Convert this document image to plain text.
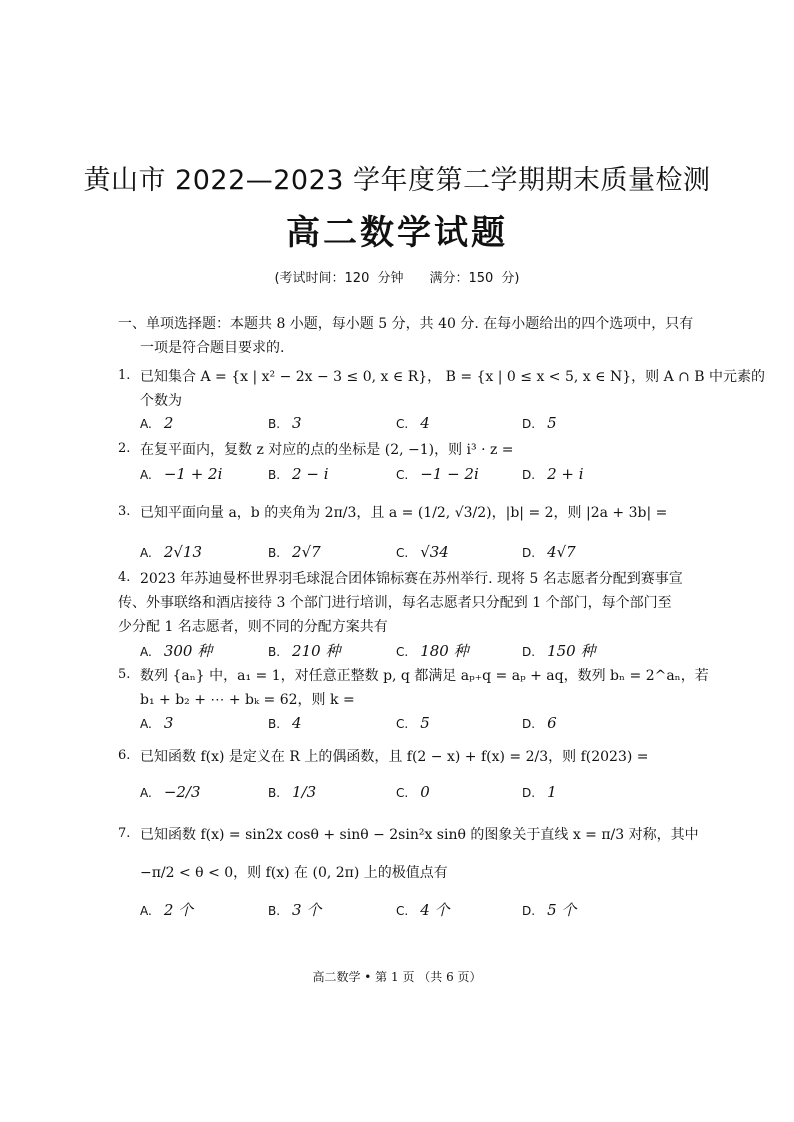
黄山市 2022—2023 学年度第二学期期末质量检测
高二数学试题
(考试时间：120 分钟　　满分：150 分)
一、单项选择题：本题共 8 小题，每小题 5 分，共 40 分. 在每小题给出的四个选项中，只有
一项是符合题目要求的.
1. 已知集合 A = {x | x² − 2x − 3 ≤ 0, x ∈ R}， B = {x | 0 ≤ x < 5, x ∈ N}，则 A ∩ B 中元素的
个数为
A. 2	B. 3	C. 4	D. 5
2. 在复平面内，复数 z 对应的点的坐标是 (2, −1)，则 i³ · z =
A. −1 + 2i	B. 2 − i	C. −1 − 2i	D. 2 + i
3. 已知平面向量 a，b 的夹角为 2π/3，且 a = (1/2, √3/2)，|b| = 2，则 |2a + 3b| =
A. 2√13	B. 2√7	C. √34	D. 4√7
4. 2023 年苏迪曼杯世界羽毛球混合团体锦标赛在苏州举行. 现将 5 名志愿者分配到赛事宣
传、外事联络和酒店接待 3 个部门进行培训，每名志愿者只分配到 1 个部门，每个部门至
少分配 1 名志愿者，则不同的分配方案共有
A. 300 种	B. 210 种	C. 180 种	D. 150 种
5. 数列 {aₙ} 中，a₁ = 1，对任意正整数 p, q 都满足 aₚ₊q = aₚ + aq，数列 bₙ = 2^aₙ，若
b₁ + b₂ + ⋯ + bₖ = 62，则 k =
A. 3	B. 4	C. 5	D. 6
6. 已知函数 f(x) 是定义在 R 上的偶函数，且 f(2 − x) + f(x) = 2/3，则 f(2023) =
A. −2/3	B. 1/3	C. 0	D. 1
7. 已知函数 f(x) = sin2x cosθ + sinθ − 2sin²x sinθ 的图象关于直线 x = π/3 对称，其中
−π/2 < θ < 0，则 f(x) 在 (0, 2π) 上的极值点有
A. 2 个	B. 3 个	C. 4 个	D. 5 个
高二数学 • 第 1 页 （共 6 页）
